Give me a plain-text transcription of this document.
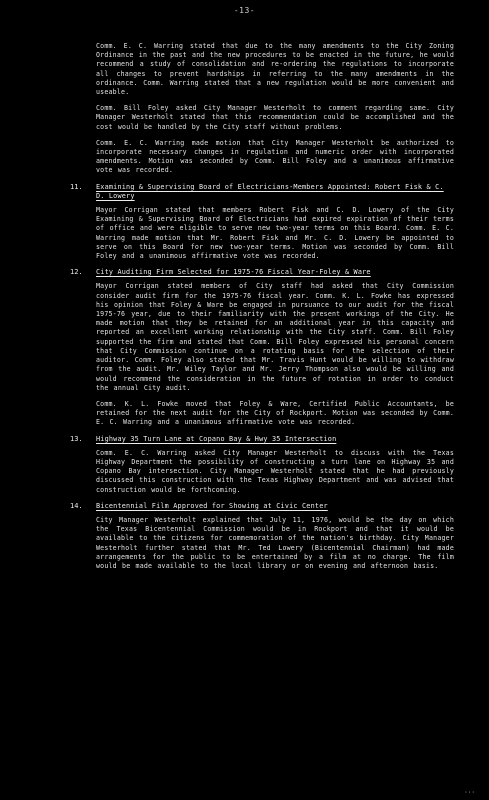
-13-

Comm. E. C. Warring stated that due to the many amendments to the City Zoning Ordinance in the past and the new procedures to be enacted in the future, he would recommend a study of consolidation and re-ordering the regulations to incorporate all changes to prevent hardships in referring to the many amendments in the ordinance. Comm. Warring stated that a new regulation would be more convenient and useable.

Comm. Bill Foley asked City Manager Westerholt to comment regarding same. City Manager Westerholt stated that this recommendation could be accomplished and the cost would be handled by the City staff without problems.

Comm. E. C. Warring made motion that City Manager Westerholt be authorized to incorporate necessary changes in regulation and numeric order with incorporated amendments. Motion was seconded by Comm. Bill Foley and a unanimous affirmative vote was recorded.

11. Examining & Supervising Board of Electricians-Members Appointed: Robert Fisk & C. D. Lowery

Mayor Corrigan stated that members Robert Fisk and C. D. Lowery of the City Examining & Supervising Board of Electricians had expired expiration of their terms of office and were eligible to serve new two-year terms on this Board. Comm. E. C. Warring made motion that Mr. Robert Fisk and Mr. C. D. Lowery be appointed to serve on this Board for new two-year terms. Motion was seconded by Comm. Bill Foley and a unanimous affirmative vote was recorded.

12. City Auditing Firm Selected for 1975-76 Fiscal Year-Foley & Ware

Mayor Corrigan stated members of City staff had asked that City Commission consider audit firm for the 1975-76 fiscal year. Comm. K. L. Fowke has expressed his opinion that Foley & Ware be engaged in pursuance to our audit for the fiscal 1975-76 year, due to their familiarity with the present workings of the City. He made motion that they be retained for an additional year in this capacity and reported an excellent working relationship with the City staff. Comm. Bill Foley supported the firm and stated that Comm. Bill Foley expressed his personal concern that City Commission continue on a rotating basis for the selection of their auditor. Comm. Foley also stated that Mr. Travis Hunt would be willing to withdraw from the audit. Mr. Wiley Taylor and Mr. Jerry Thompson also would be willing and would recommend the consideration in the future of rotation in order to conduct the annual City audit.

Comm. K. L. Fowke moved that Foley & Ware, Certified Public Accountants, be retained for the next audit for the City of Rockport. Motion was seconded by Comm. E. C. Warring and a unanimous affirmative vote was recorded.

13. Highway 35 Turn Lane at Copano Bay & Hwy 35 Intersection

Comm. E. C. Warring asked City Manager Westerholt to discuss with the Texas Highway Department the possibility of constructing a turn lane on Highway 35 and Copano Bay intersection. City Manager Westerholt stated that he had previously discussed this construction with the Texas Highway Department and was advised that construction would be forthcoming.

14. Bicentennial Film Approved for Showing at Civic Center

City Manager Westerholt explained that July 11, 1976, would be the day on which the Texas Bicentennial Commission would be in Rockport and that it would be available to the citizens for commemoration of the nation's birthday. City Manager Westerholt further stated that Mr. Ted Lowery (Bicentennial Chairman) had made arrangements for the public to be entertained by a film at no charge. The film would be made available to the local library or on evening and afternoon basis.

···
